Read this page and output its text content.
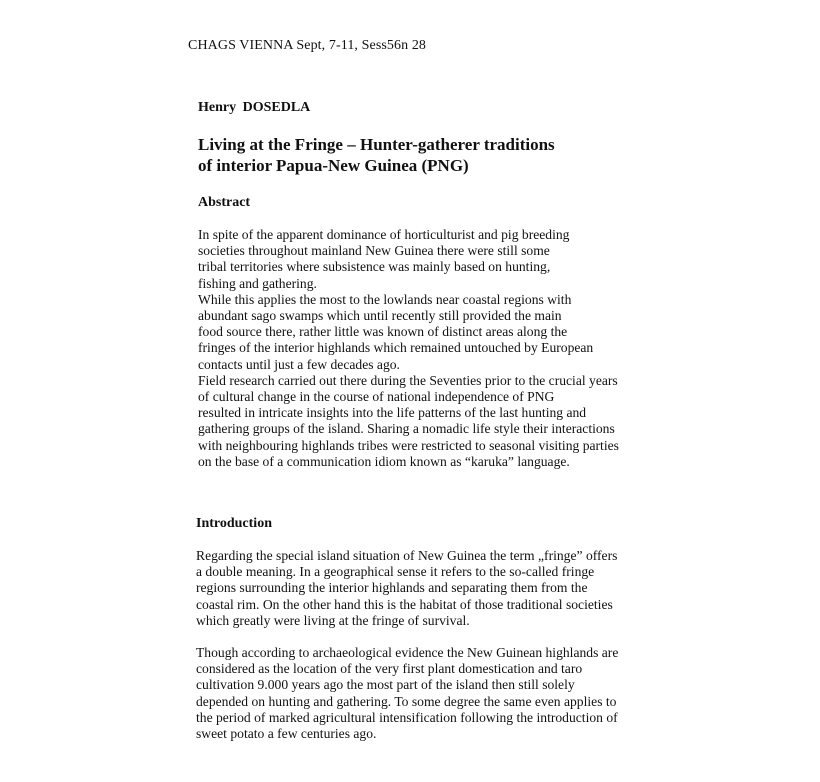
CHAGS VIENNA Sept, 7-11, Sess56n 28
Henry DOSEDLA
Living at the Fringe – Hunter-gatherer traditions
of interior Papua-New Guinea (PNG)
Abstract
In spite of the apparent dominance of horticulturist and pig breeding
societies throughout mainland New Guinea there were still some
tribal territories where subsistence was mainly based on hunting,
fishing and gathering.
While this applies the most to the lowlands near coastal regions with
abundant sago swamps which until recently still provided the main
food source there, rather little was known of distinct areas along the
fringes of the interior highlands which remained untouched by European
contacts until just a few decades ago.
Field research carried out there during the Seventies prior to the crucial years
of cultural change in the course of national independence of PNG
resulted in intricate insights into the life patterns of the last hunting and
gathering groups of the island. Sharing a nomadic life style their interactions
with neighbouring highlands tribes were restricted to seasonal visiting parties
on the base of a communication idiom known as “karuka” language.
Introduction
Regarding the special island situation of New Guinea the term „fringe” offers
a double meaning. In a geographical sense it refers to the so-called fringe
regions surrounding the interior highlands and separating them from the
coastal rim. On the other hand this is the habitat of those traditional societies
which greatly were living at the fringe of survival.
Though according to archaeological evidence the New Guinean highlands are
considered as the location of the very first plant domestication and taro
cultivation 9.000 years ago the most part of the island then still solely
depended on hunting and gathering. To some degree the same even applies to
the period of marked agricultural intensification following the introduction of
sweet potato a few centuries ago.
